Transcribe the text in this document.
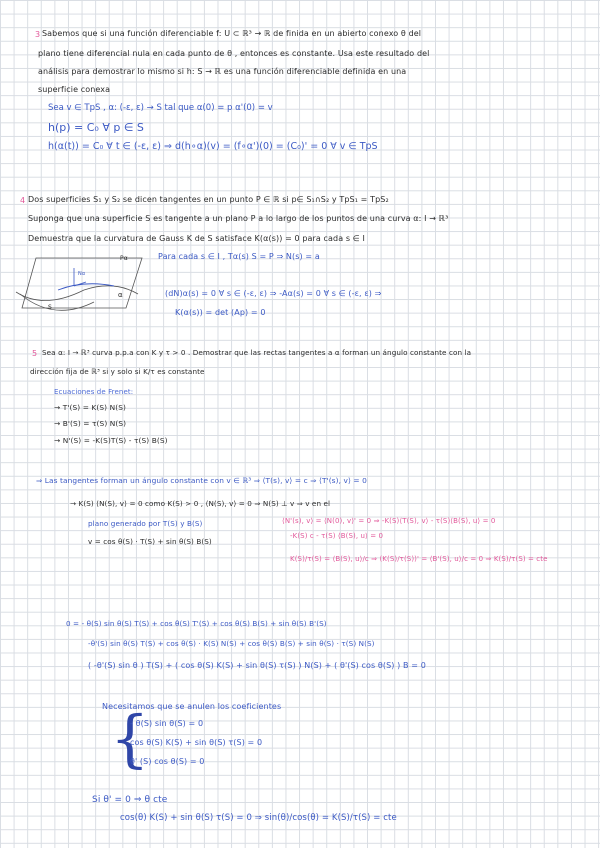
3 Sabemos que si una función diferenciable f: U ⊂ ℝ³ → ℝ de finida en un abierto conexo θ del
plano tiene diferencial nula en cada punto de θ , entonces es constante. Usa este resultado del
análisis para demostrar lo mismo si h: S → ℝ es una función diferenciable definida en una
superficie conexa
Sea v ∈ TpS , α: (-ε, ε) → S tal que α(0) = p α'(0) = v
h(p) = C₀ ∀ p ∈ S
h(α(t)) = C₀ ∀ t ∈ (-ε, ε) ⇒ d(h∘α)(v) = (f∘α')(0) = (C₀)' = 0 ∀ v ∈ TpS
4 Dos superficies S₁ y S₂ se dicen tangentes en un punto P ∈ ℝ si p∈ S₁∩S₂ y TpS₁ = TpS₂
Suponga que una superficie S es tangente a un plano P a lo largo de los puntos de una curva α: I → ℝ³
Demuestra que la curvatura de Gauss K de S satisface K(α(s)) = 0 para cada s ∈ I
Pα
S
α
Nα
Para cada s ∈ I , Tα(s) S = P ⇒ N(s) = a
(dN)α(s) = 0 ∀ s ∈ (-ε, ε) ⇒ -Aα(s) = 0 ∀ s ∈ (-ε, ε) ⇒
K(α(s)) = det (Ap) = 0
5 Sea α: I → ℝ³ curva p.p.a con K y τ > 0 . Demostrar que las rectas tangentes a α forman un ángulo constante con la
dirección fija de ℝ³ si y solo si K/τ es constante
Ecuaciones de Frenet:
→ T'(S) = K(S) N(S)
→ B'(S) = τ(S) N(S)
→ N'(S) = -K(S)T(S) - τ(S) B(S)
⇒ Las tangentes forman un ángulo constante con v ∈ ℝ³ ⇒ ⟨T(s), v⟩ = c ⇒ ⟨T'(s), v⟩ = 0
→ K(S) ⟨N(S), v⟩ = 0 como K(S) > 0 , ⟨N(S), v⟩ = 0 ⇒ N(S) ⊥ v ⇒ v en el
plano generado por T(S) y B(S)
v = cos θ(S) · T(S) + sin θ(S) B(S)
⟨N'(s), v⟩ = ⟨N(0), v⟩' = 0 ⇒ -K(S)⟨T(S), v⟩ - τ(S)⟨B(S), u⟩ = 0
-K(S) c - τ(S) ⟨B(S), u⟩ = 0
K(S)/τ(S) = ⟨B(S), u⟩/c ⇒ (K(S)/τ(S))' = ⟨B'(S), u⟩/c = 0 ⇒ K(S)/τ(S) = cte
0 = - θ(S) sin θ(S) T(S) + cos θ(S) T'(S) + cos θ(S) B(S) + sin θ(S) B'(S)
-θ'(S) sin θ(S) T(S) + cos θ(S) · K(S) N(S) + cos θ(S) B(S) + sin θ(S) · τ(S) N(S)
( -θ'(S) sin θ ) T(S) + ( cos θ(S) K(S) + sin θ(S) τ(S) ) N(S) + ( θ'(S) cos θ(S) ) B = 0
Necesitamos que se anulen los coeficientes
{
- θ(S) sin θ(S) = 0
cos θ(S) K(S) + sin θ(S) τ(S) = 0
θ' (S) cos θ(S) = 0
Si θ' = 0 ⇒ θ cte
cos(θ) K(S) + sin θ(S) τ(S) = 0 ⇒ sin(θ)/cos(θ) = K(S)/τ(S) = cte
